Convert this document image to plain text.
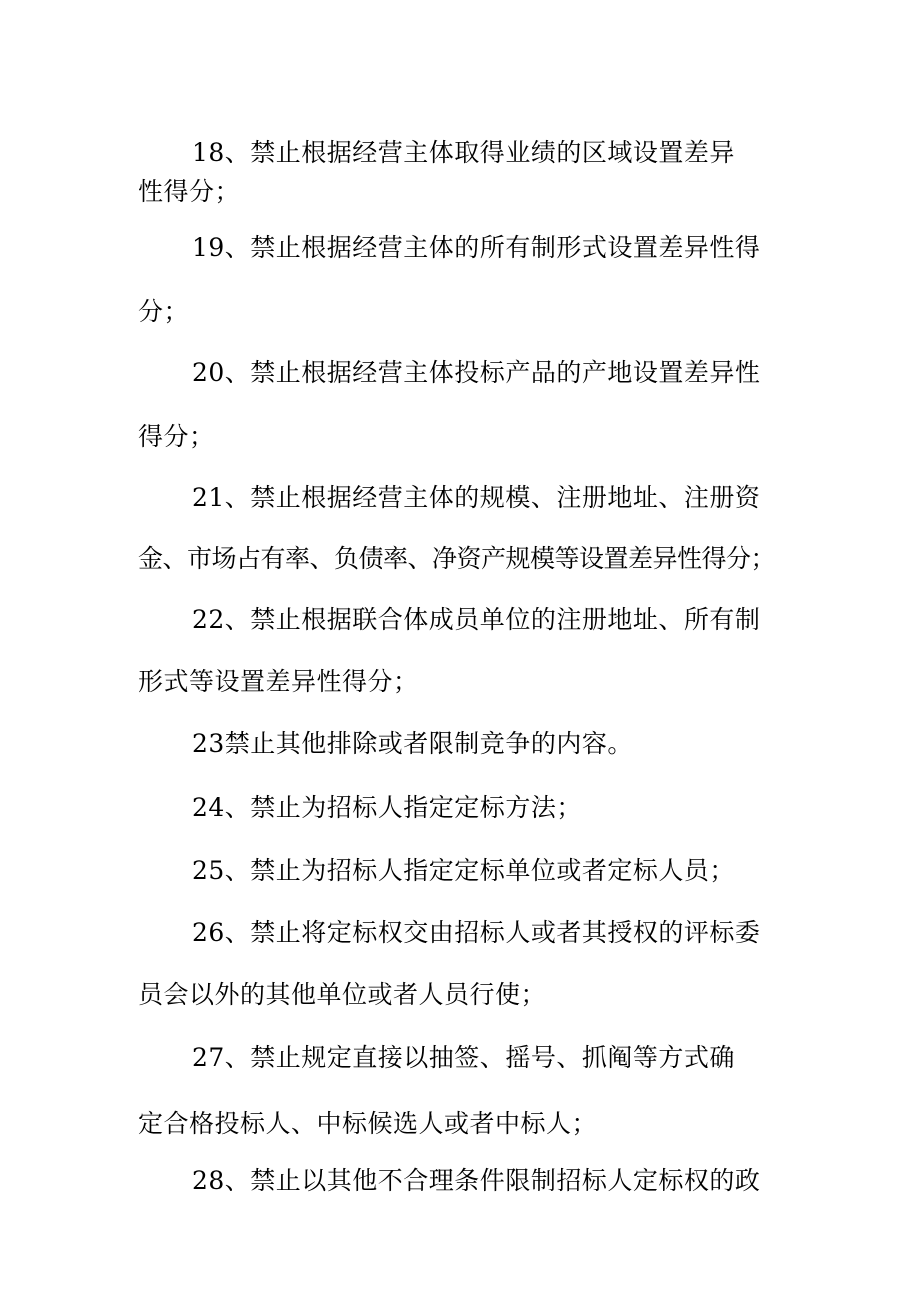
18、禁止根据经营主体取得业绩的区域设置差异
性得分；
19、禁止根据经营主体的所有制形式设置差异性得
分；
20、禁止根据经营主体投标产品的产地设置差异性
得分；
21、禁止根据经营主体的规模、注册地址、注册资
金、市场占有率、负债率、净资产规模等设置差异性得分；
22、禁止根据联合体成员单位的注册地址、所有制
形式等设置差异性得分；
23禁止其他排除或者限制竞争的内容。
24、禁止为招标人指定定标方法；
25、禁止为招标人指定定标单位或者定标人员；
26、禁止将定标权交由招标人或者其授权的评标委
员会以外的其他单位或者人员行使；
27、禁止规定直接以抽签、摇号、抓阄等方式确
定合格投标人、中标候选人或者中标人；
28、禁止以其他不合理条件限制招标人定标权的政
